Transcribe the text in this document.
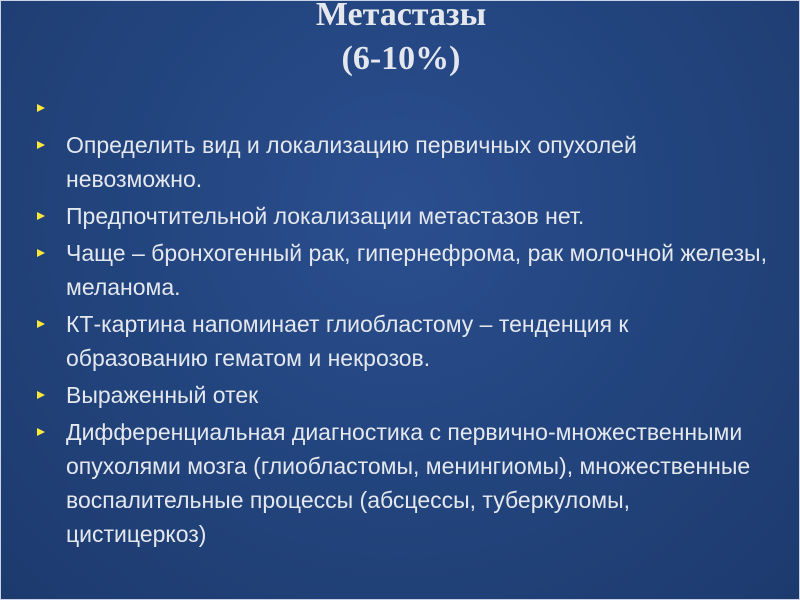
Метастазы
(6-10%)
Определить вид и локализацию первичных опухолей невозможно.
Предпочтительной локализации метастазов нет.
Чаще – бронхогенный рак, гипернефрома, рак молочной железы, меланома.
КТ-картина напоминает глиобластому – тенденция к образованию гематом и некрозов.
Выраженный отек
Дифференциальная диагностика с первично-множественными опухолями мозга (глиобластомы, менингиомы), множественные воспалительные процессы (абсцессы, туберкуломы, цистицеркоз)
